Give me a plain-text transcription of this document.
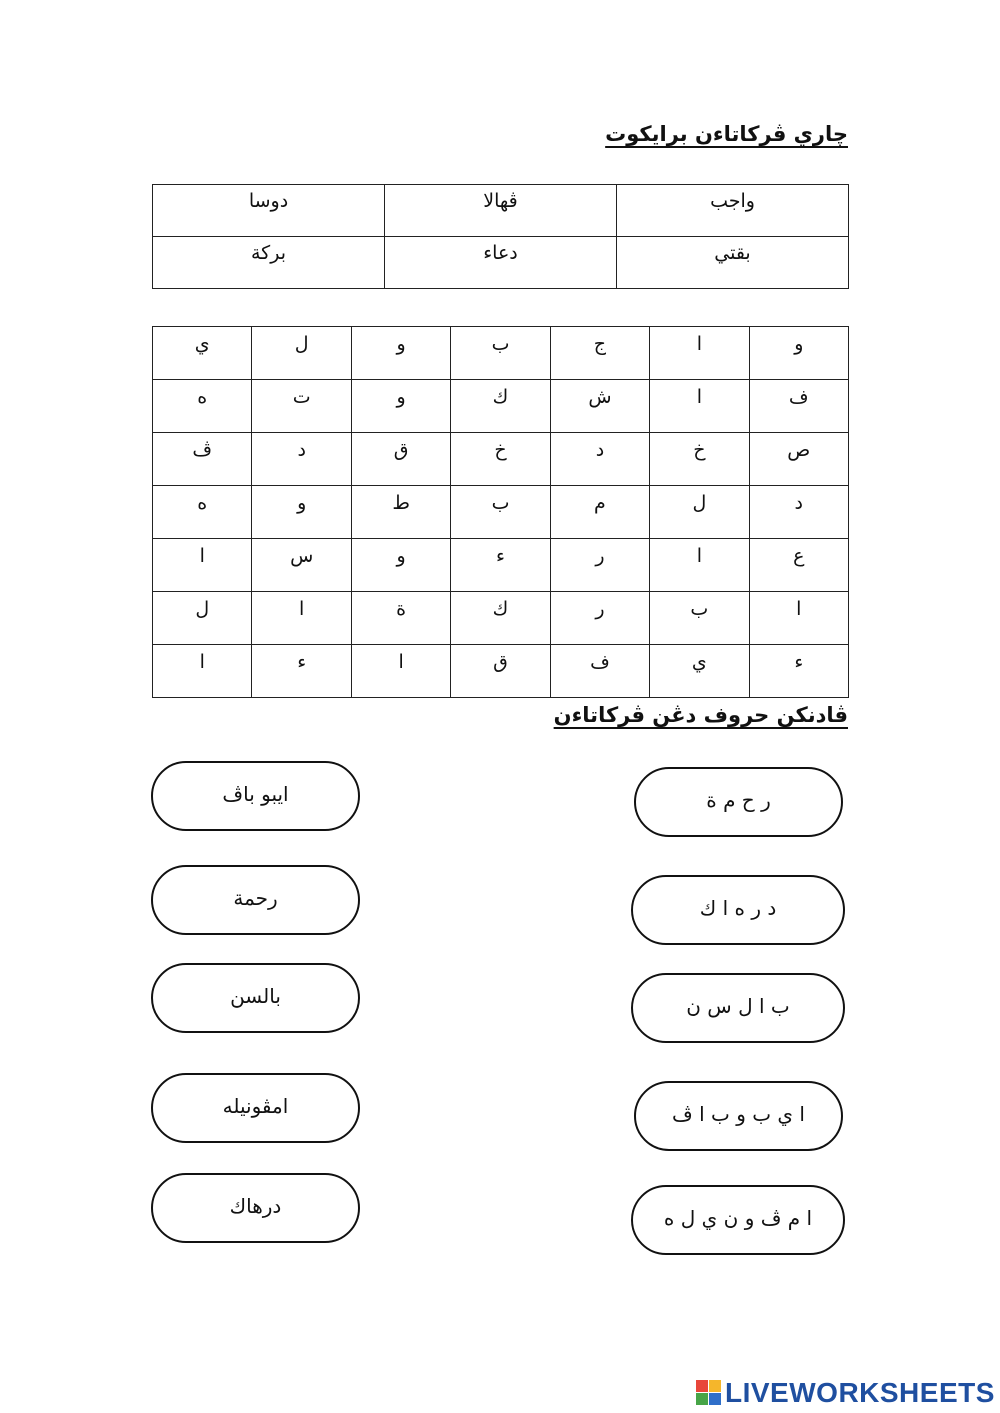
چاري ڤركاتاءن برايكوت
واجب	ڤهالا	دوسا
بقتي	دعاء	بركة
و	ا	ج	ب	و	ل	ي
ف	ا	ش	ك	و	ت	ه
ص	خ	د	خ	ق	د	ڤ
د	ل	م	ب	ط	و	ه
ع	ا	ر	ء	و	س	ا
ا	ب	ر	ك	ة	ا	ل
ء	ي	ف	ق	ا	ء	ا
ڤادنكن حروف دڠن ڤركاتاءن
ايبو باڤ
رحمة
بالسن
امڤونيله
درهاك
ر ح م ة
د ر ه ا ك
ب ا ل س ن
ا ي ب و ب ا ڤ
ا م ڤ و ن ي ل ه
LIVEWORKSHEETS
